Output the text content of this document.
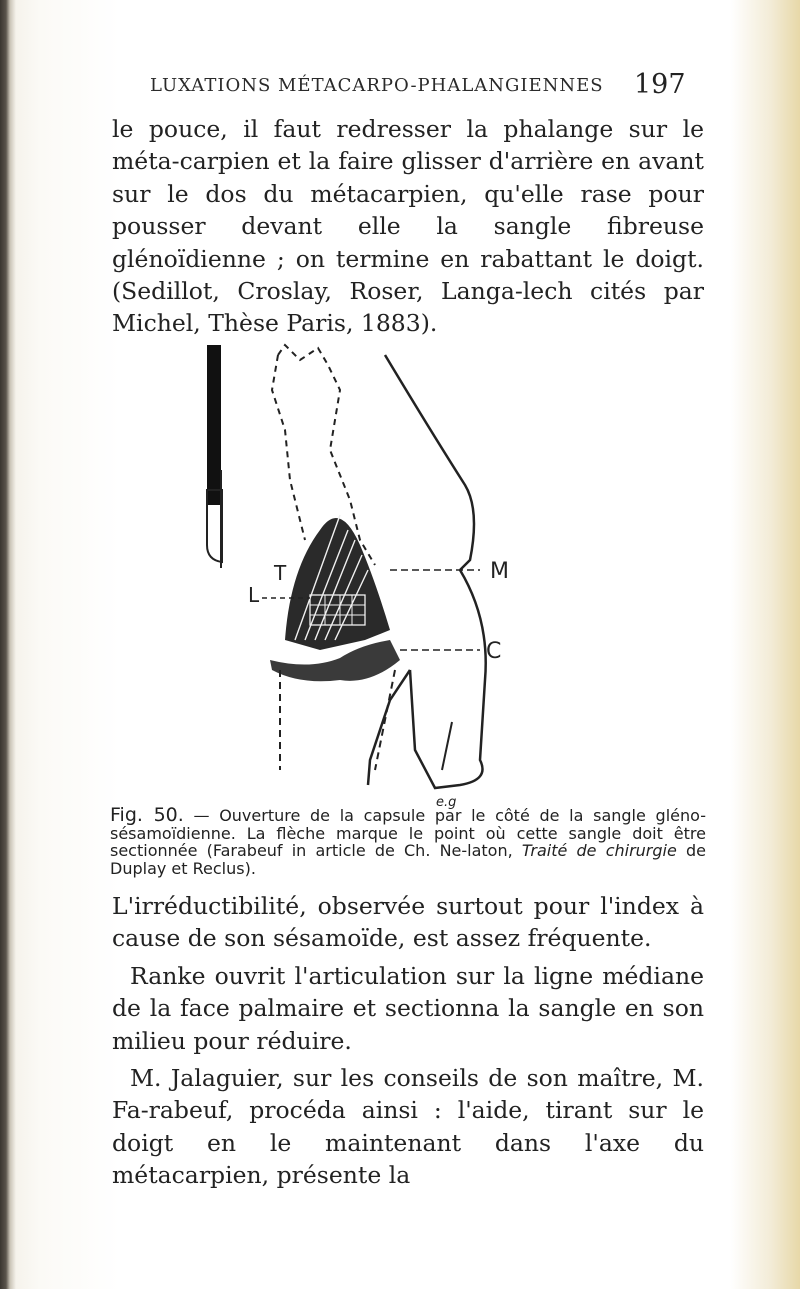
LUXATIONS MÉTACARPO-PHALANGIENNES 197

le pouce, il faut redresser la phalange sur le méta-carpien et la faire glisser d'arrière en avant sur le dos du métacarpien, qu'elle rase pour pousser devant elle la sangle fibreuse glénoïdienne ; on termine en rabattant le doigt. (Sedillot, Croslay, Roser, Langa-lech cités par Michel, Thèse Paris, 1883).

L
T	M
C
e.g

Fig. 50. — Ouverture de la capsule par le côté de la sangle gléno-sésamoïdienne. La flèche marque le point où cette sangle doit être sectionnée (Farabeuf in article de Ch. Ne-laton, Traité de chirurgie de Duplay et Reclus).

L'irréductibilité, observée surtout pour l'index à cause de son sésamoïde, est assez fréquente.

Ranke ouvrit l'articulation sur la ligne médiane de la face palmaire et sectionna la sangle en son milieu pour réduire.

M. Jalaguier, sur les conseils de son maître, M. Fa-rabeuf, procéda ainsi : l'aide, tirant sur le doigt en le maintenant dans l'axe du métacarpien, présente la
